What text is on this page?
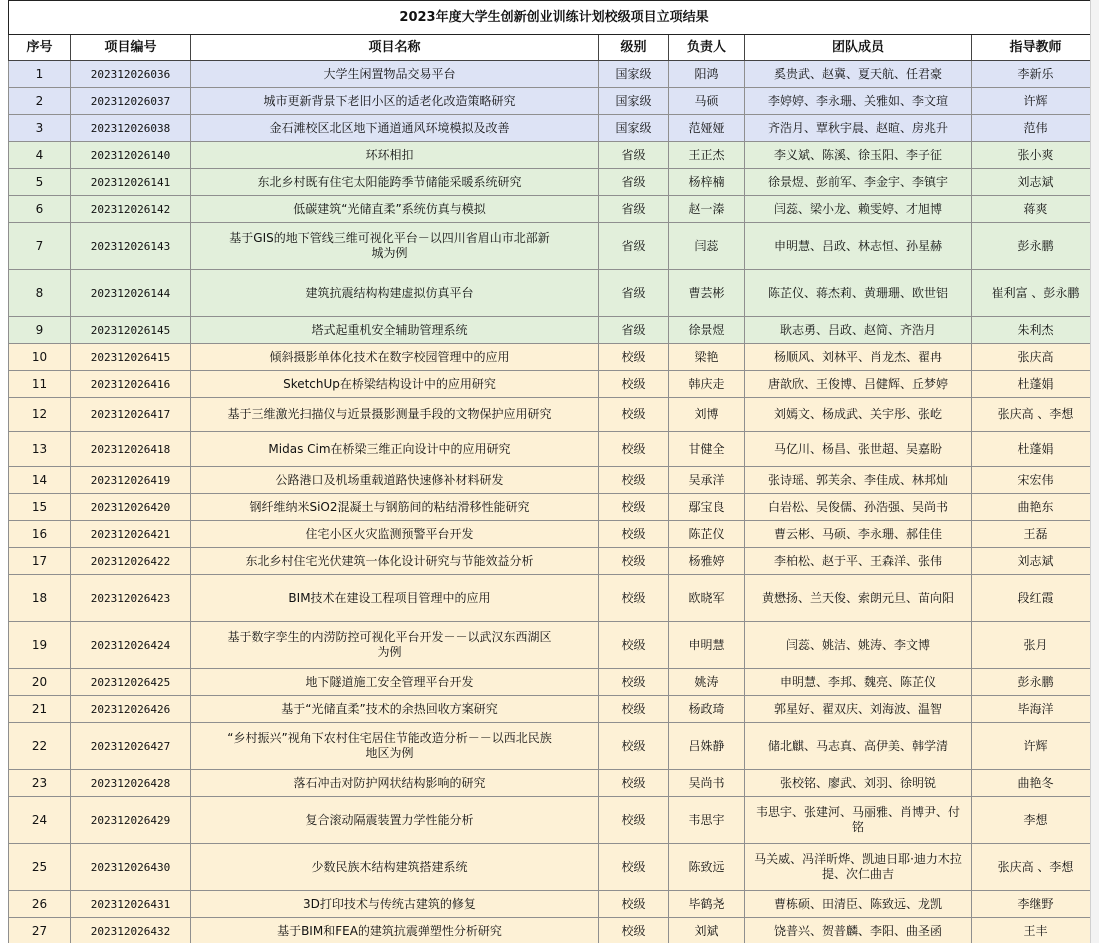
2023年度大学生创新创业训练计划校级项目立项结果						
序号	项目编号	项目名称	级别	负责人	团队成员	指导教师
1	202312026036	大学生闲置物品交易平台	国家级	阳鸿	奚贵武、赵冀、夏天航、任君豪	李新乐
2	202312026037	城市更新背景下老旧小区的适老化改造策略研究	国家级	马硕	李婷婷、李永珊、关雅如、李文瑄	许辉
3	202312026038	金石滩校区北区地下通道通风环境模拟及改善	国家级	范娅娅	齐浩月、覃秋宇晨、赵暄、房兆升	范伟
4	202312026140	环环相扣	省级	王正杰	李义斌、陈溪、徐玉阳、李子征	张小爽
5	202312026141	东北乡村既有住宅太阳能跨季节储能采暖系统研究	省级	杨梓楠	徐景煜、彭前军、李金宇、李镇宇	刘志斌
6	202312026142	低碳建筑“光储直柔”系统仿真与模拟	省级	赵一溱	闫蕊、梁小龙、赖雯婷、才旭博	蒋爽
7	202312026143	基于GIS的地下管线三维可视化平台－以四川省眉山市北部新城为例	省级	闫蕊	申明慧、吕政、林志恒、孙星赫	彭永鹏
8	202312026144	建筑抗震结构构建虚拟仿真平台	省级	曹芸彬	陈芷仪、蒋杰莉、黄珊珊、欧世铝	崔利富 、彭永鹏
9	202312026145	塔式起重机安全辅助管理系统	省级	徐景煜	耿志勇、吕政、赵简、齐浩月	朱利杰
10	202312026415	倾斜摄影单体化技术在数字校园管理中的应用	校级	梁艳	杨顺风、刘林平、肖龙杰、翟冉	张庆高
11	202312026416	SketchUp在桥梁结构设计中的应用研究	校级	韩庆走	唐歆欣、王俊博、吕健辉、丘梦婷	杜蓬娟
12	202312026417	基于三维激光扫描仪与近景摄影测量手段的文物保护应用研究	校级	刘博	刘嫣文、杨成武、关宇彤、张屹	张庆高 、李想
13	202312026418	Midas Cim在桥梁三维正向设计中的应用研究	校级	甘健全	马亿川、杨昌、张世超、吴嘉盼	杜蓬娟
14	202312026419	公路港口及机场重载道路快速修补材料研发	校级	吴承洋	张诗瑶、郭芙余、李佳成、林邦灿	宋宏伟
15	202312026420	钢纤维纳米SiO2混凝土与钢筋间的粘结滑移性能研究	校级	鄢宝良	白岩松、吴俊儒、孙浩强、吴尚书	曲艳东
16	202312026421	住宅小区火灾监测预警平台开发	校级	陈芷仪	曹云彬、马硕、李永珊、郝佳佳	王磊
17	202312026422	东北乡村住宅光伏建筑一体化设计研究与节能效益分析	校级	杨雅婷	李柏松、赵于平、王森洋、张伟	刘志斌
18	202312026423	BIM技术在建设工程项目管理中的应用	校级	欧晓军	黄懋扬、兰天俊、索朗元旦、苗向阳	段红霞
19	202312026424	基于数字孪生的内涝防控可视化平台开发－－以武汉东西湖区为例	校级	申明慧	闫蕊、姚洁、姚涛、李文博	张月
20	202312026425	地下隧道施工安全管理平台开发	校级	姚涛	申明慧、李邦、魏亮、陈芷仪	彭永鹏
21	202312026426	基于“光储直柔”技术的余热回收方案研究	校级	杨政琦	郭星好、翟双庆、刘海波、温智	毕海洋
22	202312026427	“乡村振兴”视角下农村住宅居住节能改造分析－－以西北民族地区为例	校级	吕姝静	储北麒、马志真、高伊美、韩学清	许辉
23	202312026428	落石冲击对防护网状结构影响的研究	校级	吴尚书	张校铭、廖武、刘羽、徐明锐	曲艳冬
24	202312026429	复合滚动隔震装置力学性能分析	校级	韦思宇	韦思宇、张建河、马丽雅、肖博尹、付铭	李想
25	202312026430	少数民族木结构建筑搭建系统	校级	陈致远	马关威、冯洋昕烨、凯迪日耶·迪力木拉提、次仁曲吉	张庆高 、李想
26	202312026431	3D打印技术与传统古建筑的修复	校级	毕鹤尧	曹栋硕、田清臣、陈致远、龙凯	李继野
27	202312026432	基于BIM和FEA的建筑抗震弹塑性分析研究	校级	刘斌	饶普兴、贺普麟、李阳、曲圣函	王丰
